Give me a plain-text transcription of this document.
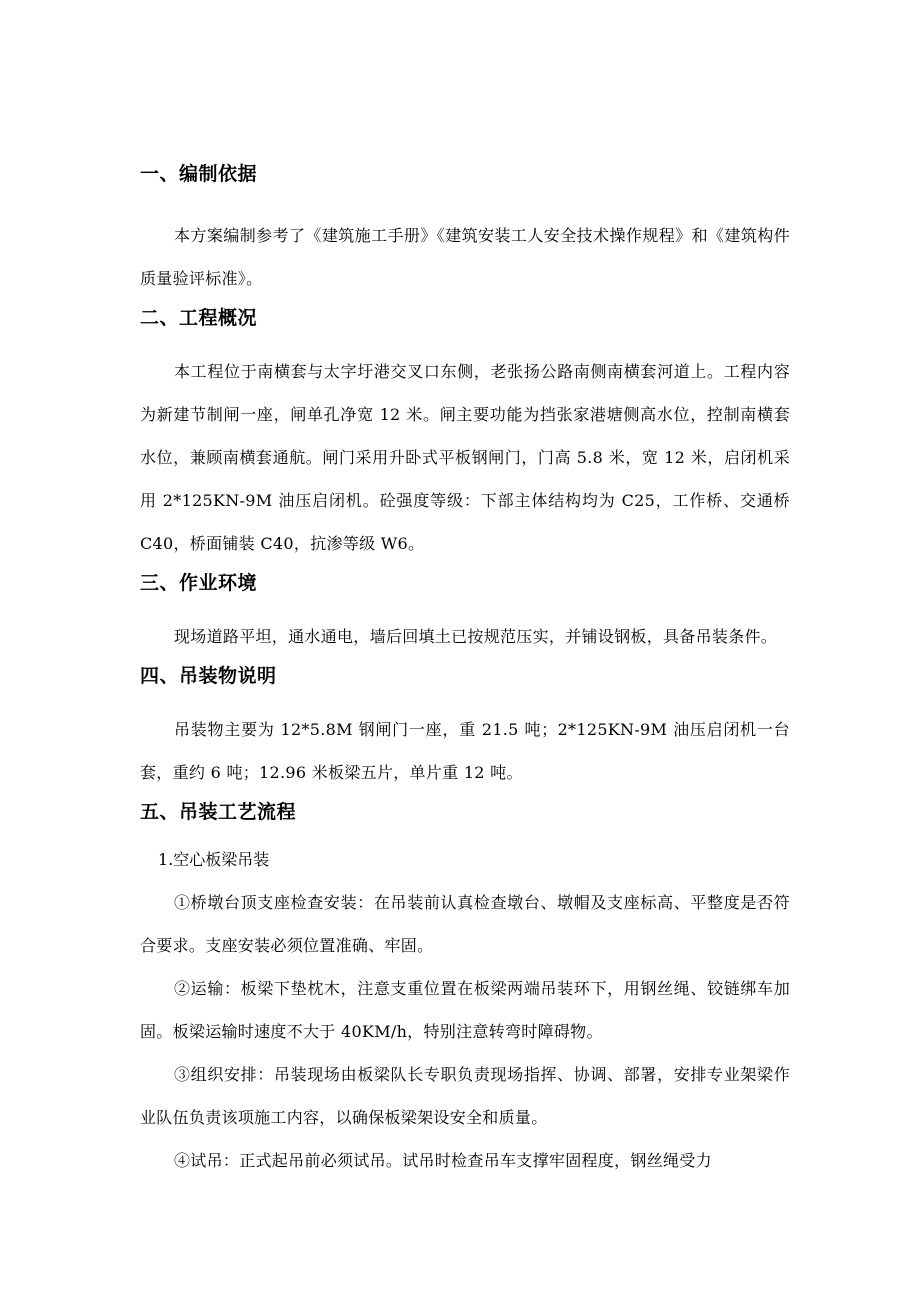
一、编制依据

本方案编制参考了《建筑施工手册》《建筑安装工人安全技术操作规程》和《建筑构件质量验评标准》。

二、工程概况

本工程位于南横套与太字圩港交叉口东侧，老张扬公路南侧南横套河道上。工程内容为新建节制闸一座，闸单孔净宽 12 米。闸主要功能为挡张家港塘侧高水位，控制南横套水位，兼顾南横套通航。闸门采用升卧式平板钢闸门，门高 5.8 米，宽 12 米，启闭机采用 2*125KN-9M 油压启闭机。砼强度等级：下部主体结构均为 C25，工作桥、交通桥 C40，桥面铺装 C40，抗渗等级 W6。

三、作业环境

现场道路平坦，通水通电，墙后回填土已按规范压实，并铺设钢板，具备吊装条件。

四、吊装物说明

吊装物主要为 12*5.8M 钢闸门一座，重 21.5 吨；2*125KN-9M 油压启闭机一台套，重约 6 吨；12.96 米板梁五片，单片重 12 吨。

五、吊装工艺流程

1.空心板梁吊装

①桥墩台顶支座检查安装：在吊装前认真检查墩台、墩帽及支座标高、平整度是否符合要求。支座安装必须位置准确、牢固。

②运输：板梁下垫枕木，注意支重位置在板梁两端吊装环下，用钢丝绳、铰链绑车加固。板梁运输时速度不大于 40KM/h，特别注意转弯时障碍物。

③组织安排：吊装现场由板梁队长专职负责现场指挥、协调、部署，安排专业架梁作业队伍负责该项施工内容，以确保板梁架设安全和质量。

④试吊：正式起吊前必须试吊。试吊时检查吊车支撑牢固程度，钢丝绳受力
